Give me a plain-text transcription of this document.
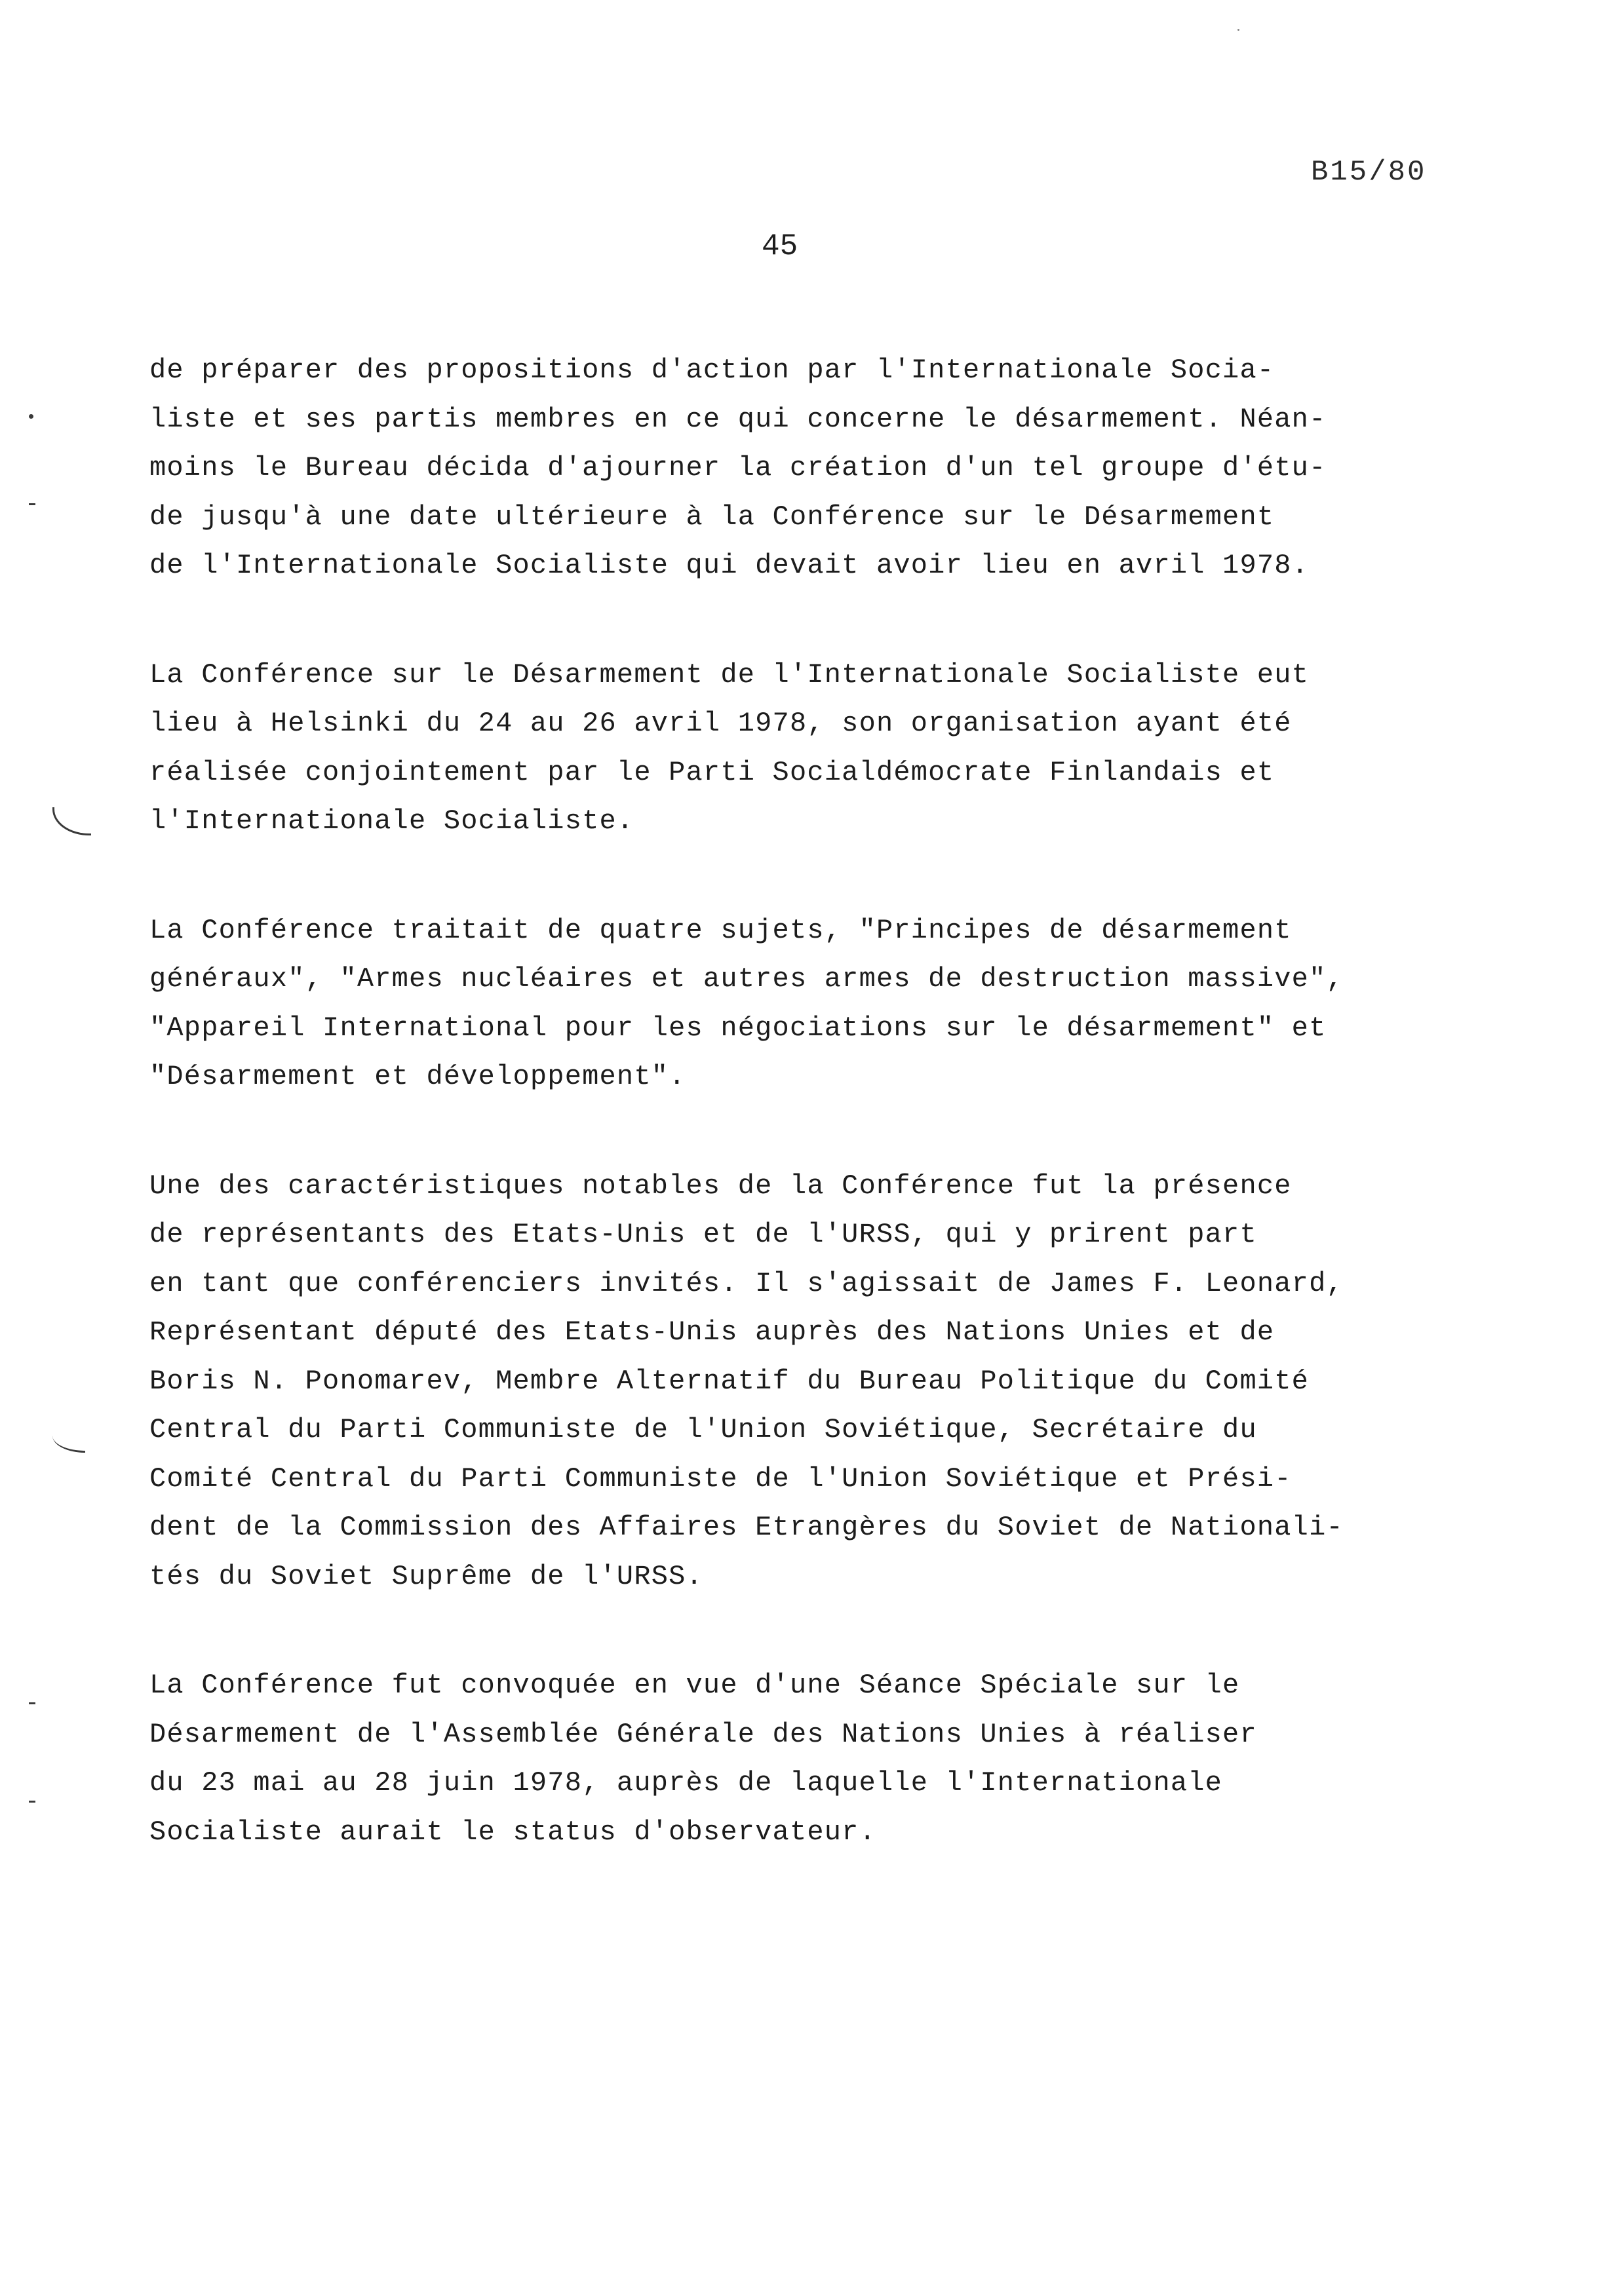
B15/80
45
de préparer des propositions d'action par l'Internationale Socia-
liste et ses partis membres en ce qui concerne le désarmement. Néan-
moins le Bureau décida d'ajourner la création d'un tel groupe d'étu-
de jusqu'à une date ultérieure à la Conférence sur le Désarmement
de l'Internationale Socialiste qui devait avoir lieu en avril 1978.
La Conférence sur le Désarmement de l'Internationale Socialiste eut
lieu à Helsinki du 24 au 26 avril 1978, son organisation ayant été
réalisée conjointement par le Parti Socialdémocrate Finlandais et
l'Internationale Socialiste.
La Conférence traitait de quatre sujets, "Principes de désarmement
généraux", "Armes nucléaires et autres armes de destruction massive",
"Appareil International pour les négociations sur le désarmement" et
"Désarmement et développement".
Une des caractéristiques notables de la Conférence fut la présence
de représentants des Etats-Unis et de l'URSS, qui y prirent part
en tant que conférenciers invités. Il s'agissait de James F. Leonard,
Représentant député des Etats-Unis auprès des Nations Unies et de
Boris N. Ponomarev, Membre Alternatif du Bureau Politique du Comité
Central du Parti Communiste de l'Union Soviétique, Secrétaire du
Comité Central du Parti Communiste de l'Union Soviétique et Prési-
dent de la Commission des Affaires Etrangères du Soviet de Nationali-
tés du Soviet Suprême de l'URSS.
La Conférence fut convoquée en vue d'une Séance Spéciale sur le
Désarmement de l'Assemblée Générale des Nations Unies à réaliser
du 23 mai au 28 juin 1978, auprès de laquelle l'Internationale
Socialiste aurait le status d'observateur.
